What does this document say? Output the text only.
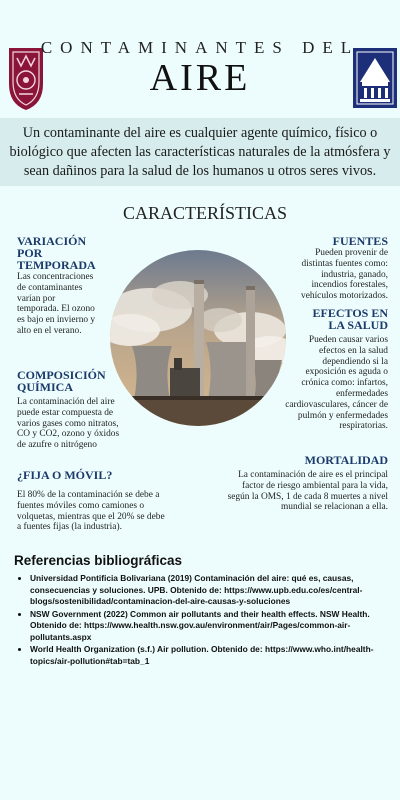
CONTAMINANTES DEL
AIRE
Un contaminante del aire es cualquier agente químico, físico o biológico que afecten las características naturales de la atmósfera y sean dañinos para la salud de los humanos u otros seres vivos.
CARACTERÍSTICAS
VARIACIÓN POR TEMPORADA
Las concentraciones de contaminantes varían por temporada. El ozono es bajo en invierno y alto en el verano.
COMPOSICIÓN QUÍMICA
La contaminación del aire puede estar compuesta de varios gases como nitratos, CO y CO2, ozono y óxidos de azufre o nitrógeno
¿FIJA O MÓVIL?
El 80% de la contaminación se debe a fuentes móviles como camiones o volquetas, mientras que el 20% se debe a fuentes fijas (la industria).
FUENTES
Pueden provenir de distintas fuentes como: industria, ganado, incendios forestales, vehículos motorizados.
EFECTOS EN LA SALUD
Pueden causar varios efectos en la salud dependiendo si la exposición es aguda o crónica como: infartos, enfermedades cardiovasculares, cáncer de pulmón y enfermedades respiratorias.
MORTALIDAD
La contaminación de aire es el principal factor de riesgo ambiental para la vida, según la OMS, 1 de cada 8 muertes a nivel mundial se relacionan a ella.
Referencias bibliográficas
• Universidad Pontificia Bolivariana (2019) Contaminación del aire: qué es, causas, consecuencias y soluciones. UPB. Obtenido de: https://www.upb.edu.co/es/central-blogs/sostenibilidad/contaminacion-del-aire-causas-y-soluciones
• NSW Government (2022) Common air pollutants and their health effects. NSW Health. Obtenido de: https://www.health.nsw.gov.au/environment/air/Pages/common-air-pollutants.aspx
• World Health Organization (s.f.) Air pollution. Obtenido de: https://www.who.int/health-topics/air-pollution#tab=tab_1
